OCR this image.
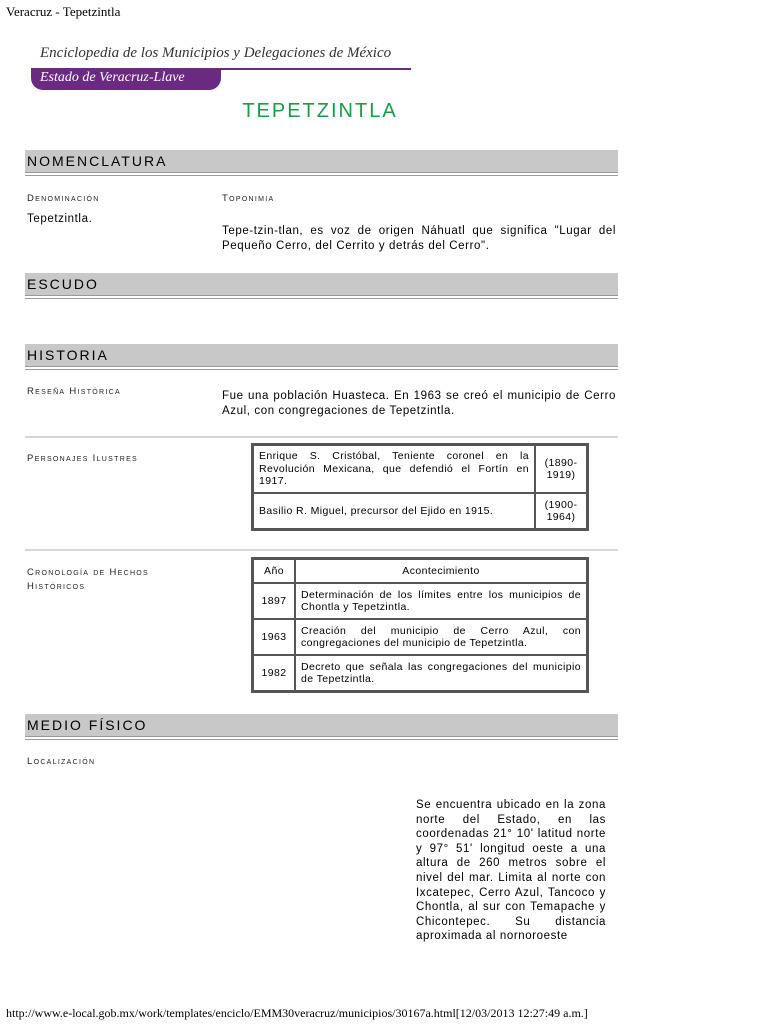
Veracruz - Tepetzintla
Enciclopedia de los Municipios y Delegaciones de México
Estado de Veracruz-Llave
TEPETZINTLA
NOMENCLATURA
Denominación
Tepetzintla.
Toponimia
Tepe-tzin-tlan, es voz de origen Náhuatl que significa "Lugar del Pequeño Cerro, del Cerrito y detrás del Cerro".
ESCUDO
HISTORIA
Reseña Histórica	Fue una población Huasteca. En 1963 se creó el municipio de Cerro Azul, con congregaciones de Tepetzintla.
Personajes Ilustres	Enrique S. Cristóbal, Teniente coronel en la Revolución Mexicana, que defendió el Fortín en 1917.	(1890-1919)
Basilio R. Miguel, precursor del Ejido en 1915.	(1900-1964)
Cronología de Hechos
Históricos
Año	Acontecimiento
1897	Determinación de los límites entre los municipios de Chontla y Tepetzintla.
1963	Creación del municipio de Cerro Azul, con congregaciones del municipio de Tepetzintla.
1982	Decreto que señala las congregaciones del municipio de Tepetzintla.
MEDIO FÍSICO
Localización
Se encuentra ubicado en la zona norte del Estado, en las coordenadas 21° 10' latitud norte y 97° 51' longitud oeste a una altura de 260 metros sobre el nivel del mar. Limita al norte con Ixcatepec, Cerro Azul, Tancoco y Chontla, al sur con Temapache y Chicontepec. Su distancia aproximada al nornoroeste
http://www.e-local.gob.mx/work/templates/enciclo/EMM30veracruz/municipios/30167a.html[12/03/2013 12:27:49 a.m.]
